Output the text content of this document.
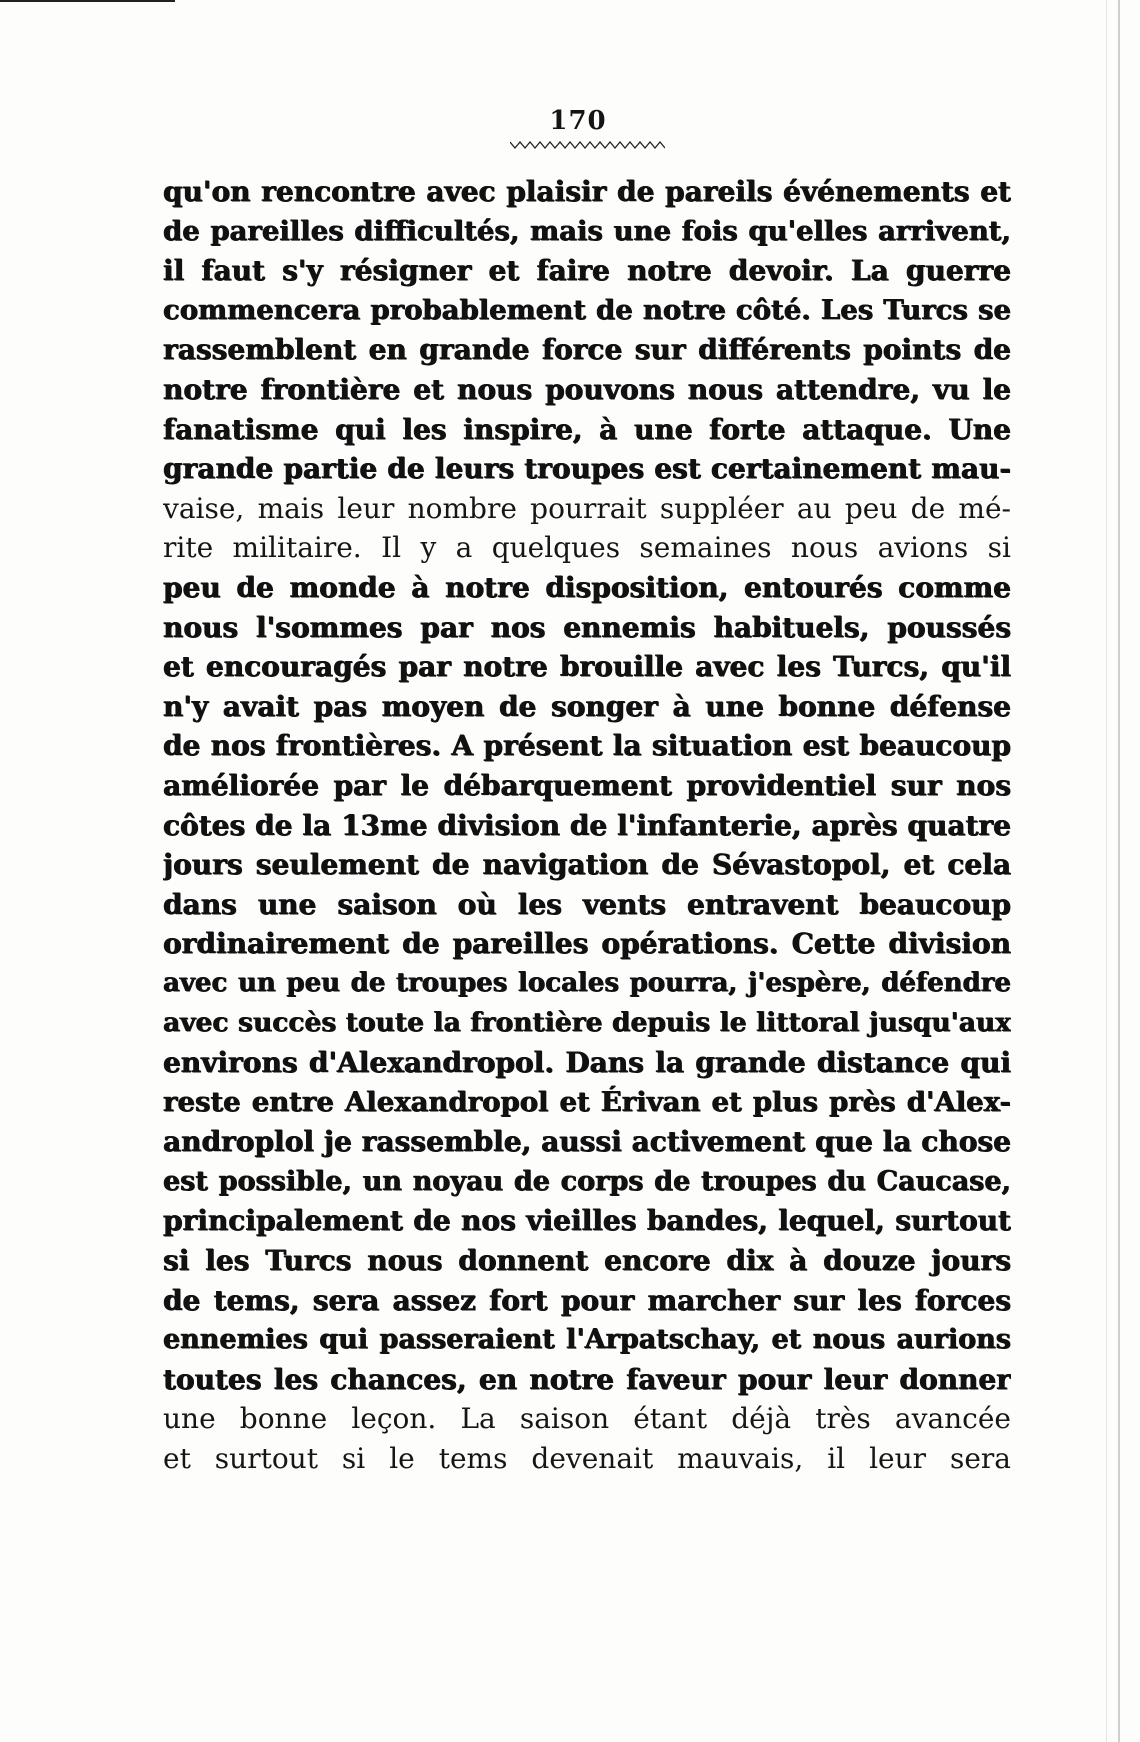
170
qu'on rencontre avec plaisir de pareils événements et
de pareilles difficultés, mais une fois qu'elles arrivent,
il faut s'y résigner et faire notre devoir. La guerre
commencera probablement de notre côté. Les Turcs se
rassemblent en grande force sur différents points de
notre frontière et nous pouvons nous attendre, vu le
fanatisme qui les inspire, à une forte attaque. Une
grande partie de leurs troupes est certainement mau-
vaise, mais leur nombre pourrait suppléer au peu de mé-
rite militaire. Il y a quelques semaines nous avions si
peu de monde à notre disposition, entourés comme
nous l'sommes par nos ennemis habituels, poussés
et encouragés par notre brouille avec les Turcs, qu'il
n'y avait pas moyen de songer à une bonne défense
de nos frontières. A présent la situation est beaucoup
améliorée par le débarquement providentiel sur nos
côtes de la 13me division de l'infanterie, après quatre
jours seulement de navigation de Sévastopol, et cela
dans une saison où les vents entravent beaucoup
ordinairement de pareilles opérations. Cette division
avec un peu de troupes locales pourra, j'espère, défendre
avec succès toute la frontière depuis le littoral jusqu'aux
environs d'Alexandropol. Dans la grande distance qui
reste entre Alexandropol et Érivan et plus près d'Alex-
androplol je rassemble, aussi activement que la chose
est possible, un noyau de corps de troupes du Caucase,
principalement de nos vieilles bandes, lequel, surtout
si les Turcs nous donnent encore dix à douze jours
de tems, sera assez fort pour marcher sur les forces
ennemies qui passeraient l'Arpatschay, et nous aurions
toutes les chances, en notre faveur pour leur donner
une bonne leçon. La saison étant déjà très avancée
et surtout si le tems devenait mauvais, il leur sera
